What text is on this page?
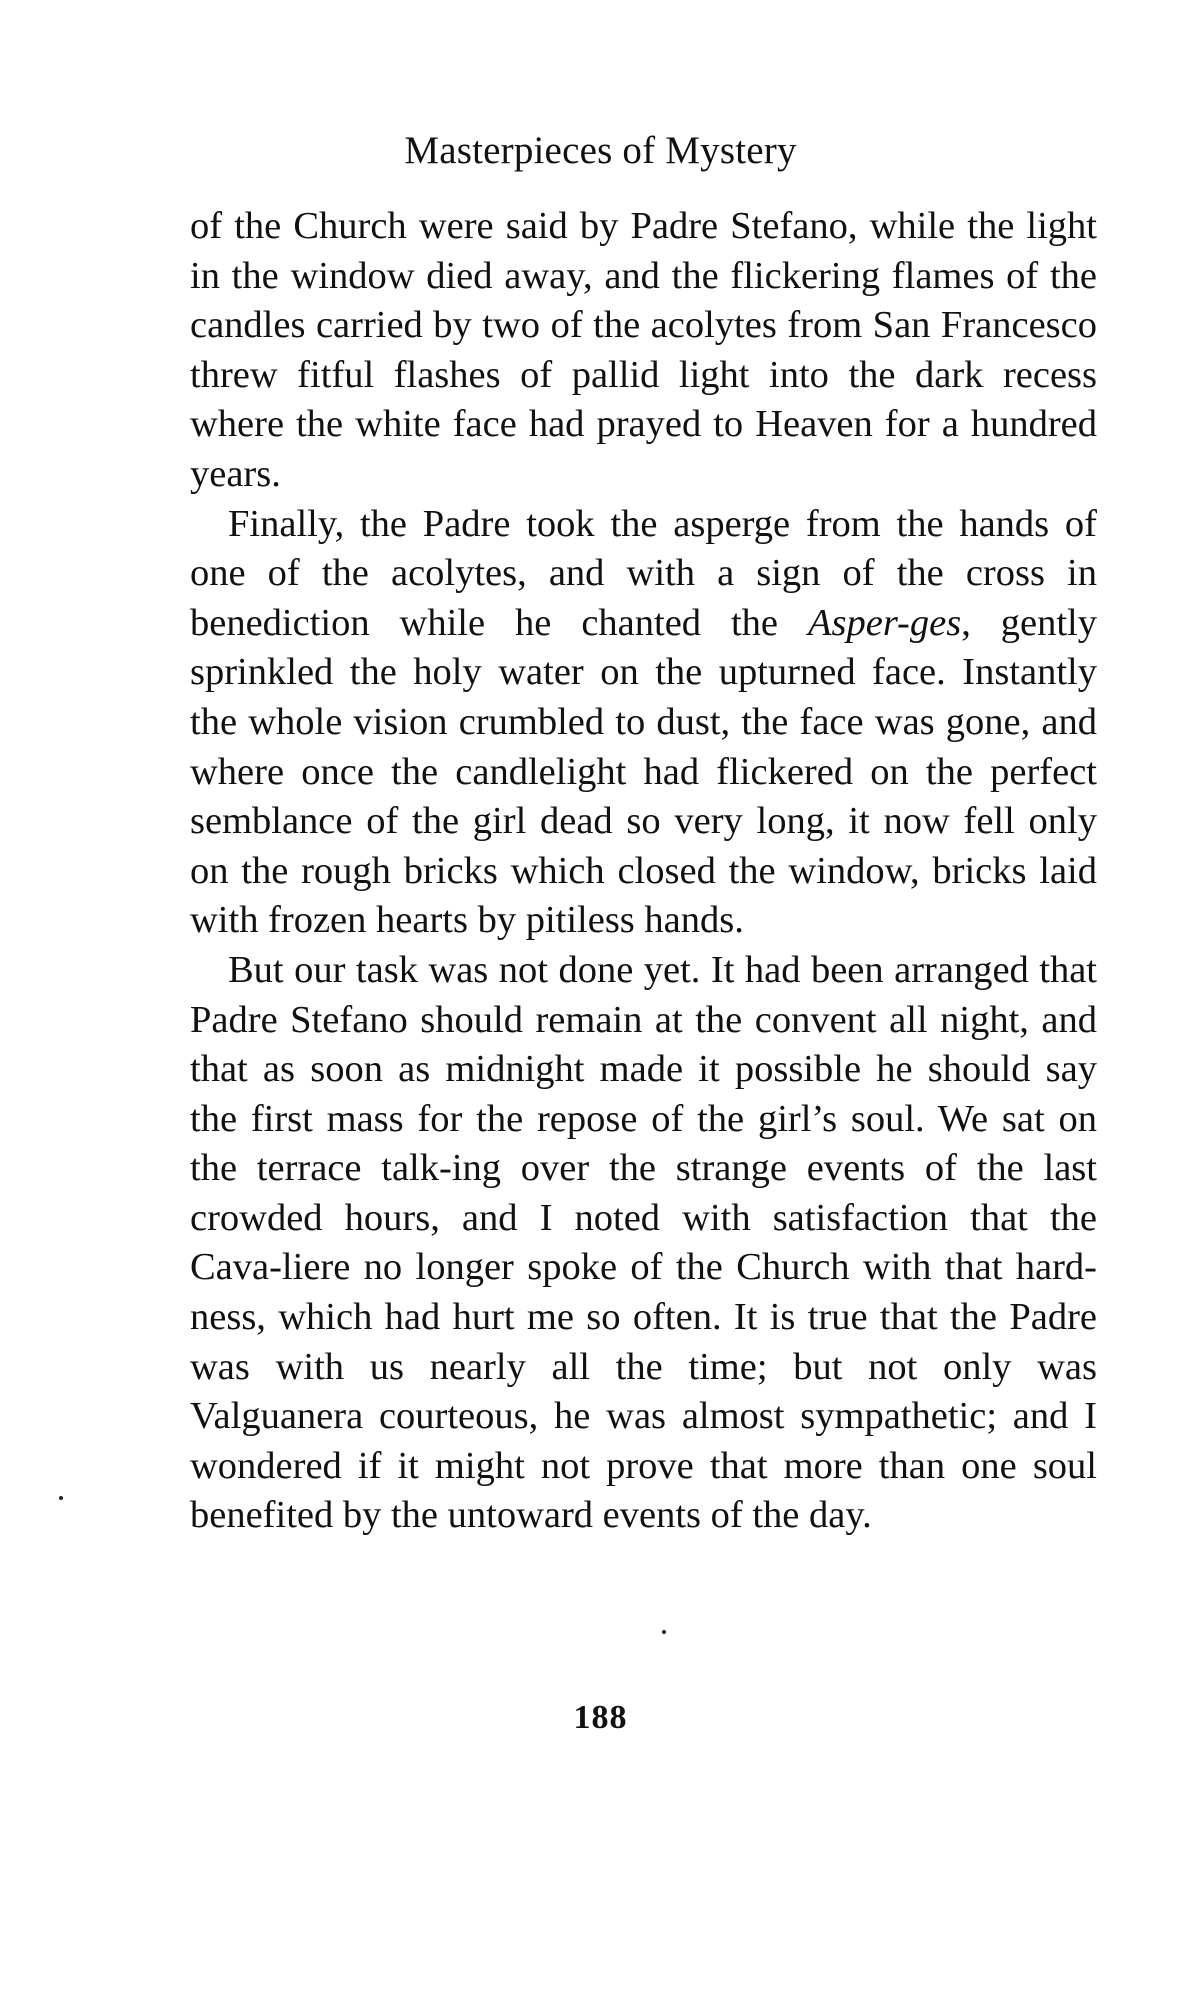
Masterpieces of Mystery

of the Church were said by Padre Stefano, while the light in the window died away, and the flickering flames of the candles carried by two of the acolytes from San Francesco threw fitful flashes of pallid light into the dark recess where the white face had prayed to Heaven for a hundred years.

Finally, the Padre took the asperge from the hands of one of the acolytes, and with a sign of the cross in benediction while he chanted the Asper-ges, gently sprinkled the holy water on the upturned face. Instantly the whole vision crumbled to dust, the face was gone, and where once the candlelight had flickered on the perfect semblance of the girl dead so very long, it now fell only on the rough bricks which closed the window, bricks laid with frozen hearts by pitiless hands.

But our task was not done yet. It had been arranged that Padre Stefano should remain at the convent all night, and that as soon as midnight made it possible he should say the first mass for the repose of the girl’s soul. We sat on the terrace talk-ing over the strange events of the last crowded hours, and I noted with satisfaction that the Cava-liere no longer spoke of the Church with that hard-ness, which had hurt me so often. It is true that the Padre was with us nearly all the time; but not only was Valguanera courteous, he was almost sympathetic; and I wondered if it might not prove that more than one soul benefited by the untoward events of the day.

188
